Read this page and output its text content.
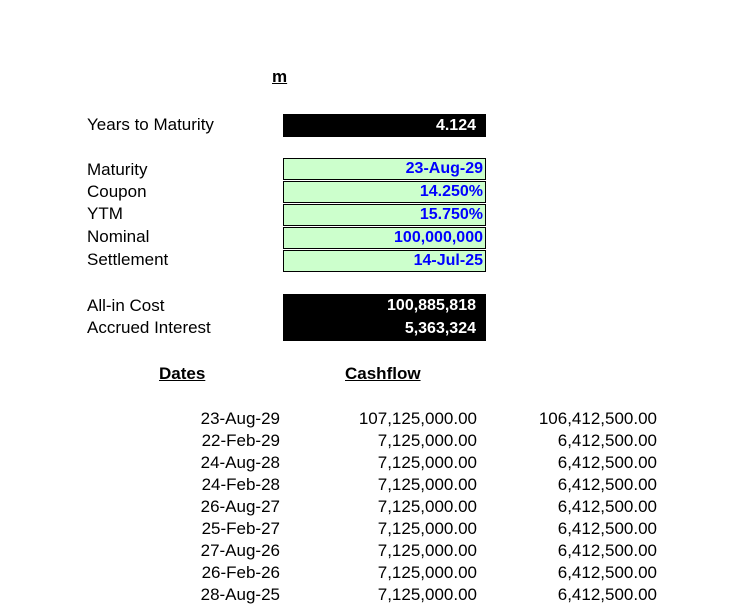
m
Years to Maturity	4.124
Maturity	23-Aug-29
Coupon	14.250%
YTM	15.750%
Nominal	100,000,000
Settlement	14-Jul-25
All-in Cost	100,885,818
Accrued Interest	5,363,324
Dates	Cashflow
23-Aug-29	107,125,000.00	106,412,500.00
22-Feb-29	7,125,000.00	6,412,500.00
24-Aug-28	7,125,000.00	6,412,500.00
24-Feb-28	7,125,000.00	6,412,500.00
26-Aug-27	7,125,000.00	6,412,500.00
25-Feb-27	7,125,000.00	6,412,500.00
27-Aug-26	7,125,000.00	6,412,500.00
26-Feb-26	7,125,000.00	6,412,500.00
28-Aug-25	7,125,000.00	6,412,500.00
